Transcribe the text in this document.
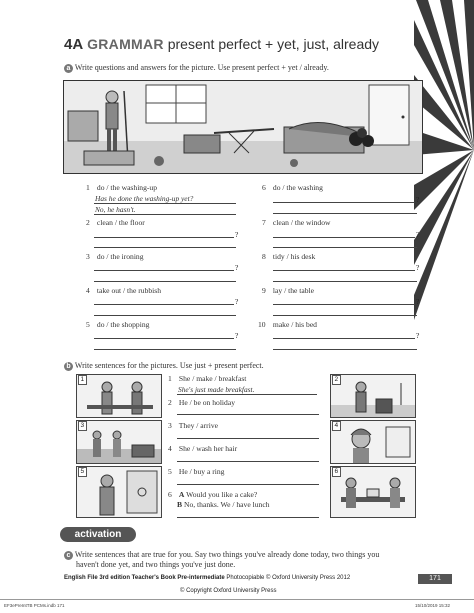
4A GRAMMAR present perfect + yet, just, already
a Write questions and answers for the picture. Use present perfect + yet / already.
1 do / the washing-up
Has he done the washing-up yet?
No, he hasn't.
2 clean / the floor
?
3 do / the ironing
?
4 take out / the rubbish
?
5 do / the shopping
?
6 do / the washing
?
7 clean / the window
?
8 tidy / his desk
?
9 lay / the table
?
10 make / his bed
?
b Write sentences for the pictures. Use just + present perfect.
1
3
5
2
4
6
1 She / make / breakfast
She's just made breakfast.
2 He / be on holiday
3 They / arrive
4 She / wash her hair
5 He / buy a ring
6 A Would you like a cake?
B No, thanks. We / have lunch
activation
c Write sentences that are true for you. Say two things you've already done today, two things you
haven't done yet, and two things you've just done.
English File 3rd edition Teacher's Book Pre-intermediate Photocopiable © Oxford University Press 2012	171
© Copyright Oxford University Press
EF3ePreIntTB PCMs.indb 171	15/10/2019 15:32
